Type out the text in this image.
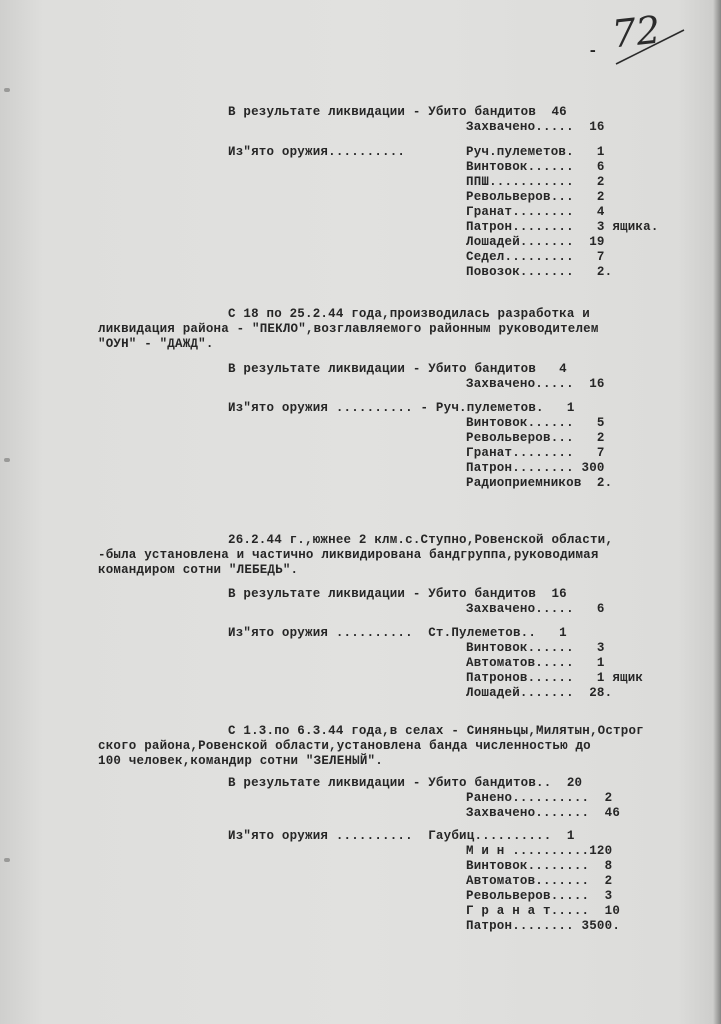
- 72
В результате ликвидации - Убито бандитов  46
Захвачено.....  16
Из"ято оружия..........	Руч.пулеметов.   1
Винтовок......   6
ППШ...........   2
Револьверов...   2
Гранат........   4
Патрон........   3 ящика.
Лошадей.......  19
Седел.........   7
Повозок.......   2.
С 18 по 25.2.44 года,производилась разработка и
ликвидация района - "ПЕКЛО",возглавляемого районным руководителем
"ОУН" - "ДАЖД".
В результате ликвидации - Убито бандитов   4
Захвачено.....  16
Из"ято оружия .......... - Руч.пулеметов.   1
Винтовок......   5
Револьверов...   2
Гранат........   7
Патрон........ 300
Радиоприемников  2.
26.2.44 г.,южнее 2 клм.с.Ступно,Ровенской области,
-была установлена и частично ликвидирована бандгруппа,руководимая
командиром сотни "ЛЕБЕДЬ".
В результате ликвидации - Убито бандитов  16
Захвачено.....   6
Из"ято оружия ..........  Ст.Пулеметов..   1
Винтовок......   3
Автоматов.....   1
Патронов......   1 ящик
Лошадей.......  28.
С 1.3.по 6.3.44 года,в селах - Синяньцы,Милятын,Острог
ского района,Ровенской области,установлена банда численностью до
100 человек,командир сотни "ЗЕЛЕНЫЙ".
В результате ликвидации - Убито бандитов..  20
Ранено..........  2
Захвачено.......  46
Из"ято оружия ..........  Гаубиц..........  1
М и н ..........120
Винтовок........  8
Автоматов.......  2
Револьверов.....  3
Г р а н а т.....  10
Патрон........ 3500.
